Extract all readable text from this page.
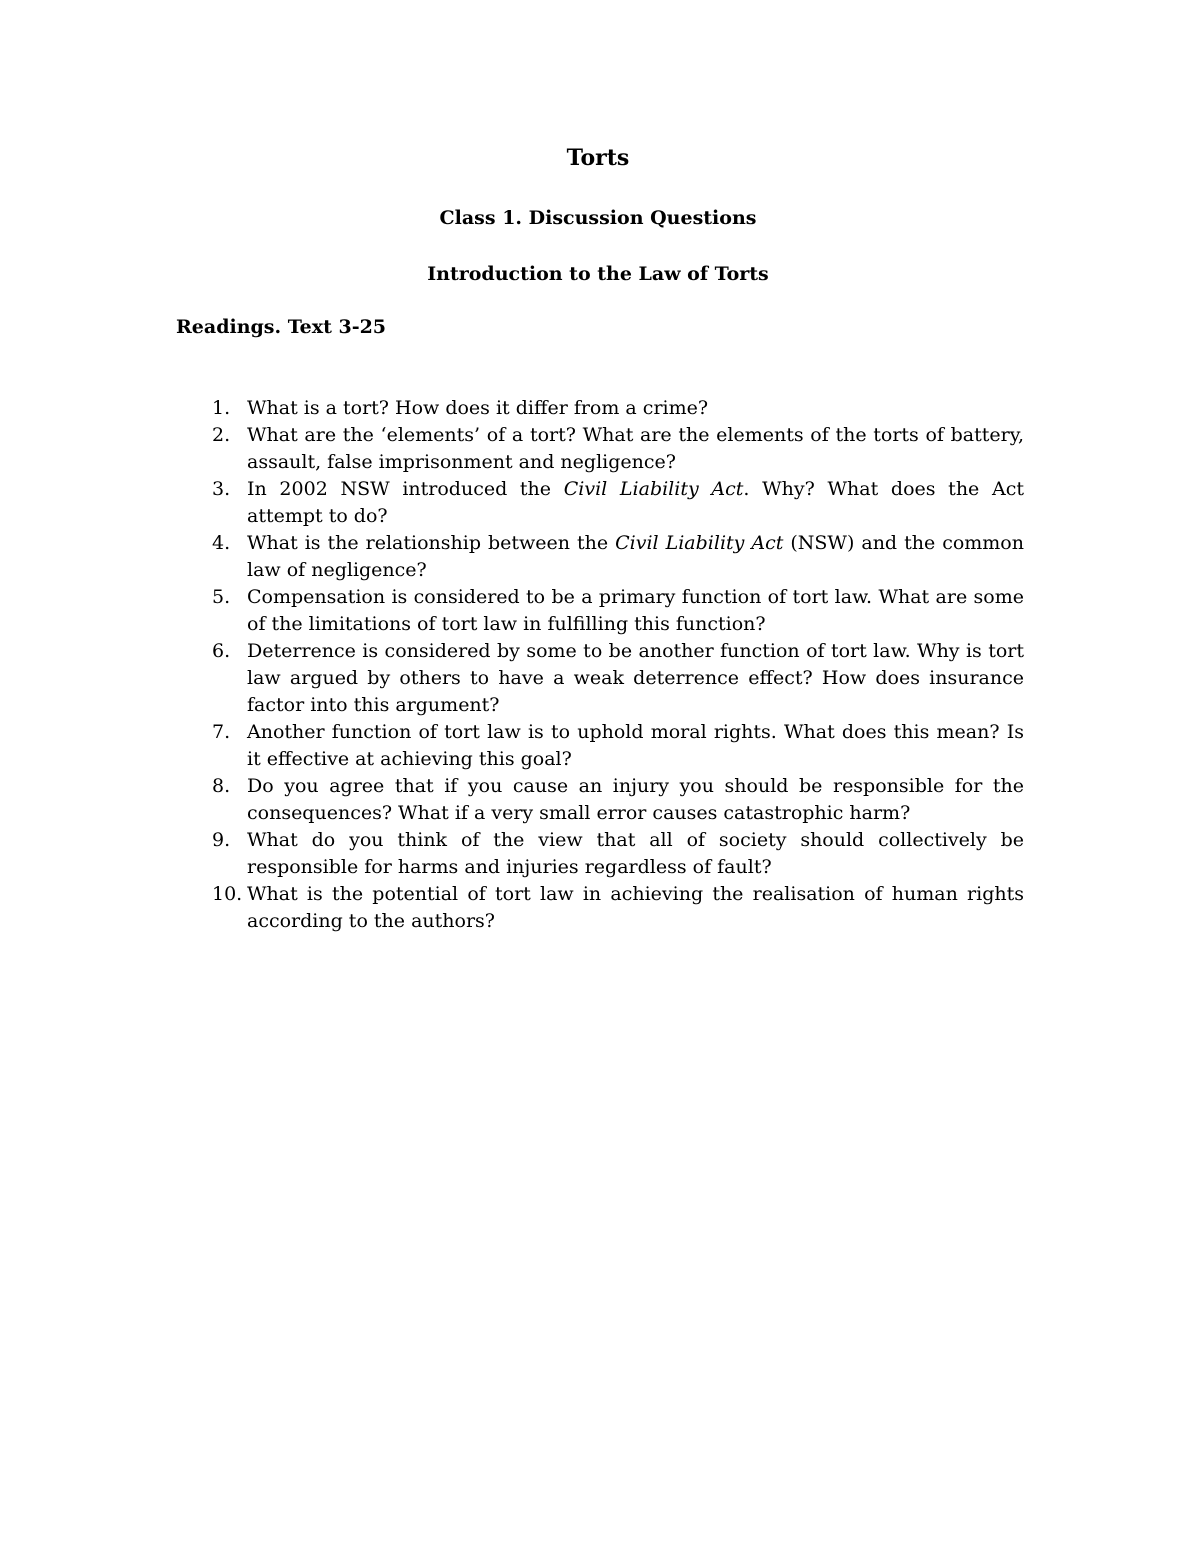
Torts
Class 1. Discussion Questions
Introduction to the Law of Torts
Readings. Text 3-25
1. What is a tort? How does it differ from a crime?
2. What are the ‘elements’ of a tort? What are the elements of the torts of battery, assault, false imprisonment and negligence?
3. In 2002 NSW introduced the Civil Liability Act. Why? What does the Act attempt to do?
4. What is the relationship between the Civil Liability Act (NSW) and the common law of negligence?
5. Compensation is considered to be a primary function of tort law. What are some of the limitations of tort law in fulfilling this function?
6. Deterrence is considered by some to be another function of tort law. Why is tort law argued by others to have a weak deterrence effect? How does insurance factor into this argument?
7. Another function of tort law is to uphold moral rights. What does this mean? Is it effective at achieving this goal?
8. Do you agree that if you cause an injury you should be responsible for the consequences? What if a very small error causes catastrophic harm?
9. What do you think of the view that all of society should collectively be responsible for harms and injuries regardless of fault?
10. What is the potential of tort law in achieving the realisation of human rights according to the authors?
